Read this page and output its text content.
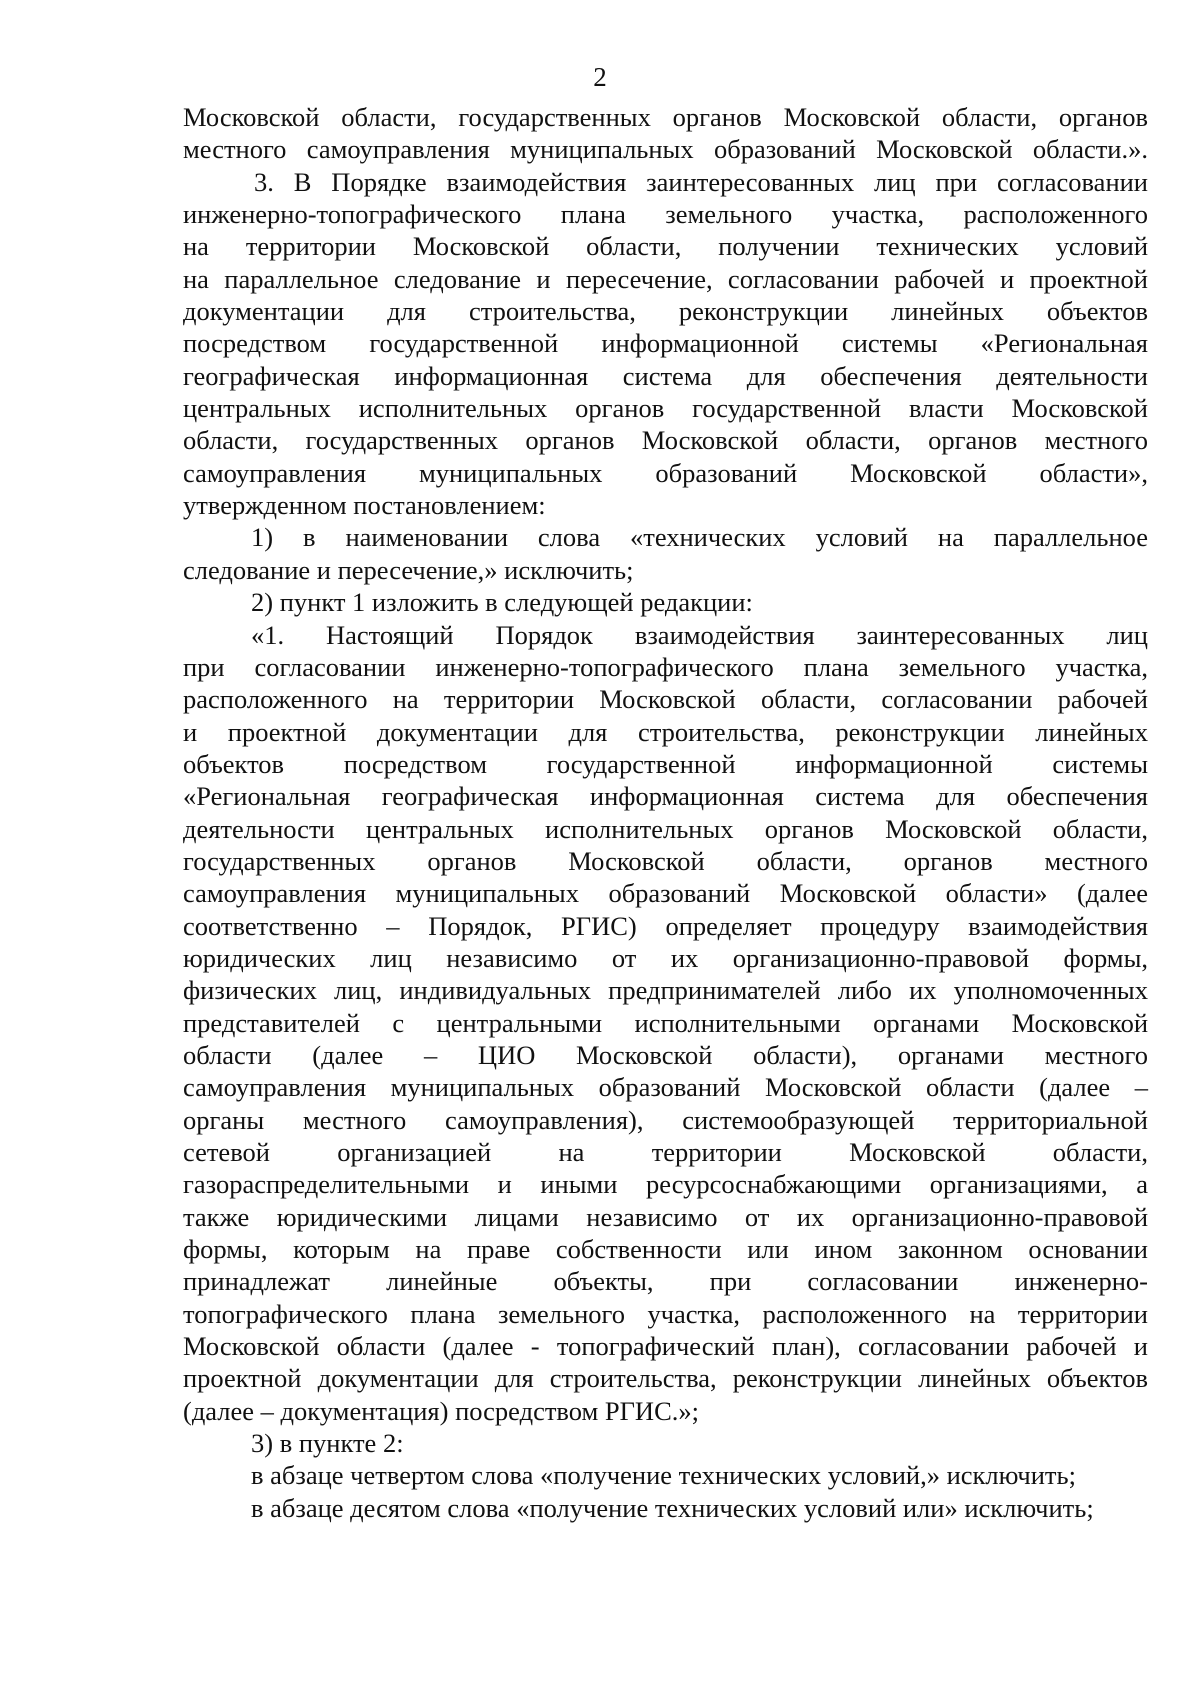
2
Московской области, государственных органов Московской области, органов
местного самоуправления муниципальных образований Московской области.».
3. В Порядке взаимодействия заинтересованных лиц при согласовании
инженерно-топографического плана земельного участка, расположенного
на территории Московской области, получении технических условий
на параллельное следование и пересечение, согласовании рабочей и проектной
документации для строительства, реконструкции линейных объектов
посредством государственной информационной системы «Региональная
географическая информационная система для обеспечения деятельности
центральных исполнительных органов государственной власти Московской
области, государственных органов Московской области, органов местного
самоуправления муниципальных образований Московской области»,
утвержденном постановлением:
1) в наименовании слова «технических условий на параллельное
следование и пересечение,» исключить;
2) пункт 1 изложить в следующей редакции:
«1. Настоящий Порядок взаимодействия заинтересованных лиц
при согласовании инженерно-топографического плана земельного участка,
расположенного на территории Московской области, согласовании рабочей
и проектной документации для строительства, реконструкции линейных
объектов посредством государственной информационной системы
«Региональная географическая информационная система для обеспечения
деятельности центральных исполнительных органов Московской области,
государственных органов Московской области, органов местного
самоуправления муниципальных образований Московской области» (далее
соответственно – Порядок, РГИС) определяет процедуру взаимодействия
юридических лиц независимо от их организационно-правовой формы,
физических лиц, индивидуальных предпринимателей либо их уполномоченных
представителей с центральными исполнительными органами Московской
области (далее – ЦИО Московской области), органами местного
самоуправления муниципальных образований Московской области (далее –
органы местного самоуправления), системообразующей территориальной
сетевой организацией на территории Московской области,
газораспределительными и иными ресурсоснабжающими организациями, а
также юридическими лицами независимо от их организационно-правовой
формы, которым на праве собственности или ином законном основании
принадлежат линейные объекты, при согласовании инженерно-
топографического плана земельного участка, расположенного на территории
Московской области (далее - топографический план), согласовании рабочей и
проектной документации для строительства, реконструкции линейных объектов
(далее – документация) посредством РГИС.»;
3) в пункте 2:
в абзаце четвертом слова «получение технических условий,» исключить;
в абзаце десятом слова «получение технических условий или» исключить;
